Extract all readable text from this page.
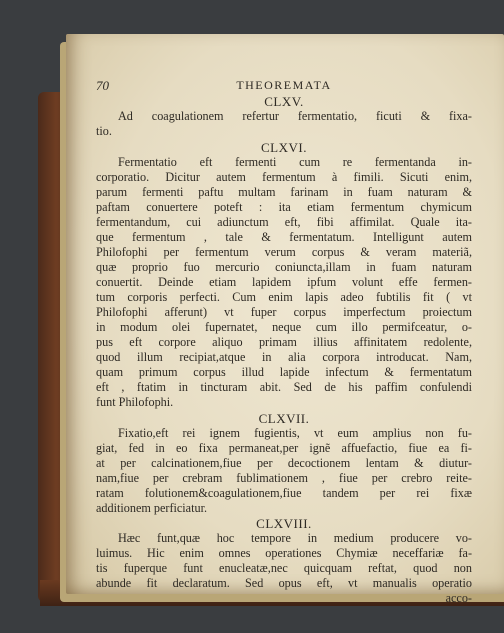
70	THEOREMATA
CLXV.
Ad coagulationem refertur fermentatio, ficuti & fixa-
tio.
CLXVI.
Fermentatio eft fermenti cum re fermentanda in-
corporatio. Dicitur autem fermentum à fimili. Sicuti enim,
parum fermenti paftu multam farinam in fuam naturam &
paftam conuertere poteft : ita etiam fermentum chymicum
fermentandum, cui adiunctum eft, fibi affimilat. Quale ita-
que fermentum , tale & fermentatum. Intelligunt autem
Philofophi per fermentum verum corpus & veram materiã,
quæ proprio fuo mercurio coniuncta,illam in fuam naturam
conuertit. Deinde etiam lapidem ipfum volunt effe fermen-
tum corporis perfecti. Cum enim lapis adeo fubtilis fit ( vt
Philofophi afferunt) vt fuper corpus imperfectum proiectum
in modum olei fupernatet, neque cum illo permifceatur, o-
pus eft corpore aliquo primam illius affinitatem redolente,
quod illum recipiat,atque in alia corpora introducat. Nam,
quam primum corpus illud lapide infectum & fermentatum
eft , ftatim in tincturam abit. Sed de his paffim confulendi
funt Philofophi.
CLXVII.
Fixatio,eft rei ignem fugientis, vt eum amplius non fu-
giat, fed in eo fixa permaneat,per ignẽ affuefactio, fiue ea fi-
at per calcinationem,fiue per decoctionem lentam & diutur-
nam,fiue per crebram fublimationem , fiue per crebro reite-
ratam folutionem&coagulationem,fiue tandem per rei fixæ
additionem perficiatur.
CLXVIII.
Hæc funt,quæ hoc tempore in medium producere vo-
luimus. Hic enim omnes operationes Chymiæ neceffariæ fa-
tis fuperque funt enucleatæ,nec quicquam reftat, quod non
abunde fit declaratum. Sed opus eft, vt manualis operatio
acco-
